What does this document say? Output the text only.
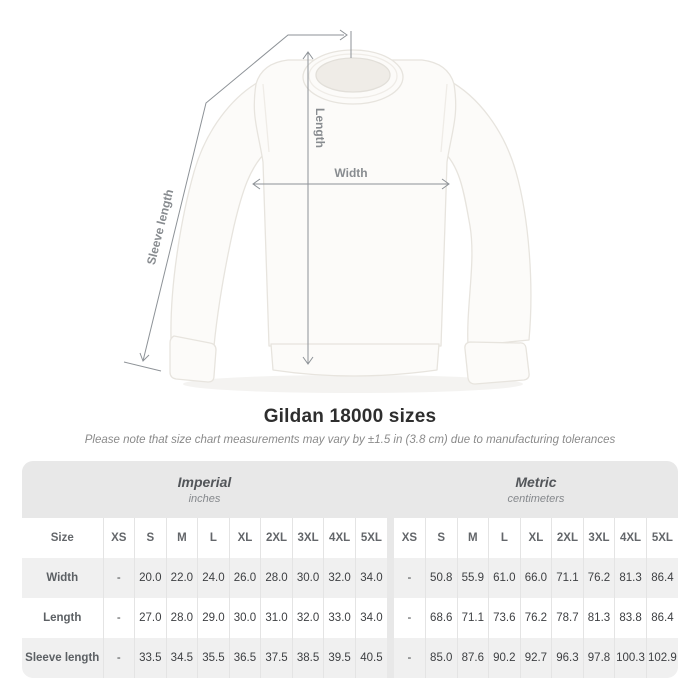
Length
Width
Sleeve length
Gildan 18000 sizes

Please note that size chart measurements may vary by ±1.5 in (3.8 cm) due to manufacturing tolerances

Imperial
inches

Metric
centimeters

Size	XS	S	M	L	XL	2XL	3XL	4XL	5XL		XS	S	M	L	XL	2XL	3XL	4XL	5XL
Width	-	20.0	22.0	24.0	26.0	28.0	30.0	32.0	34.0		-	50.8	55.9	61.0	66.0	71.1	76.2	81.3	86.4
Length	-	27.0	28.0	29.0	30.0	31.0	32.0	33.0	34.0		-	68.6	71.1	73.6	76.2	78.7	81.3	83.8	86.4
Sleeve length	-	33.5	34.5	35.5	36.5	37.5	38.5	39.5	40.5		-	85.0	87.6	90.2	92.7	96.3	97.8	100.3	102.9
